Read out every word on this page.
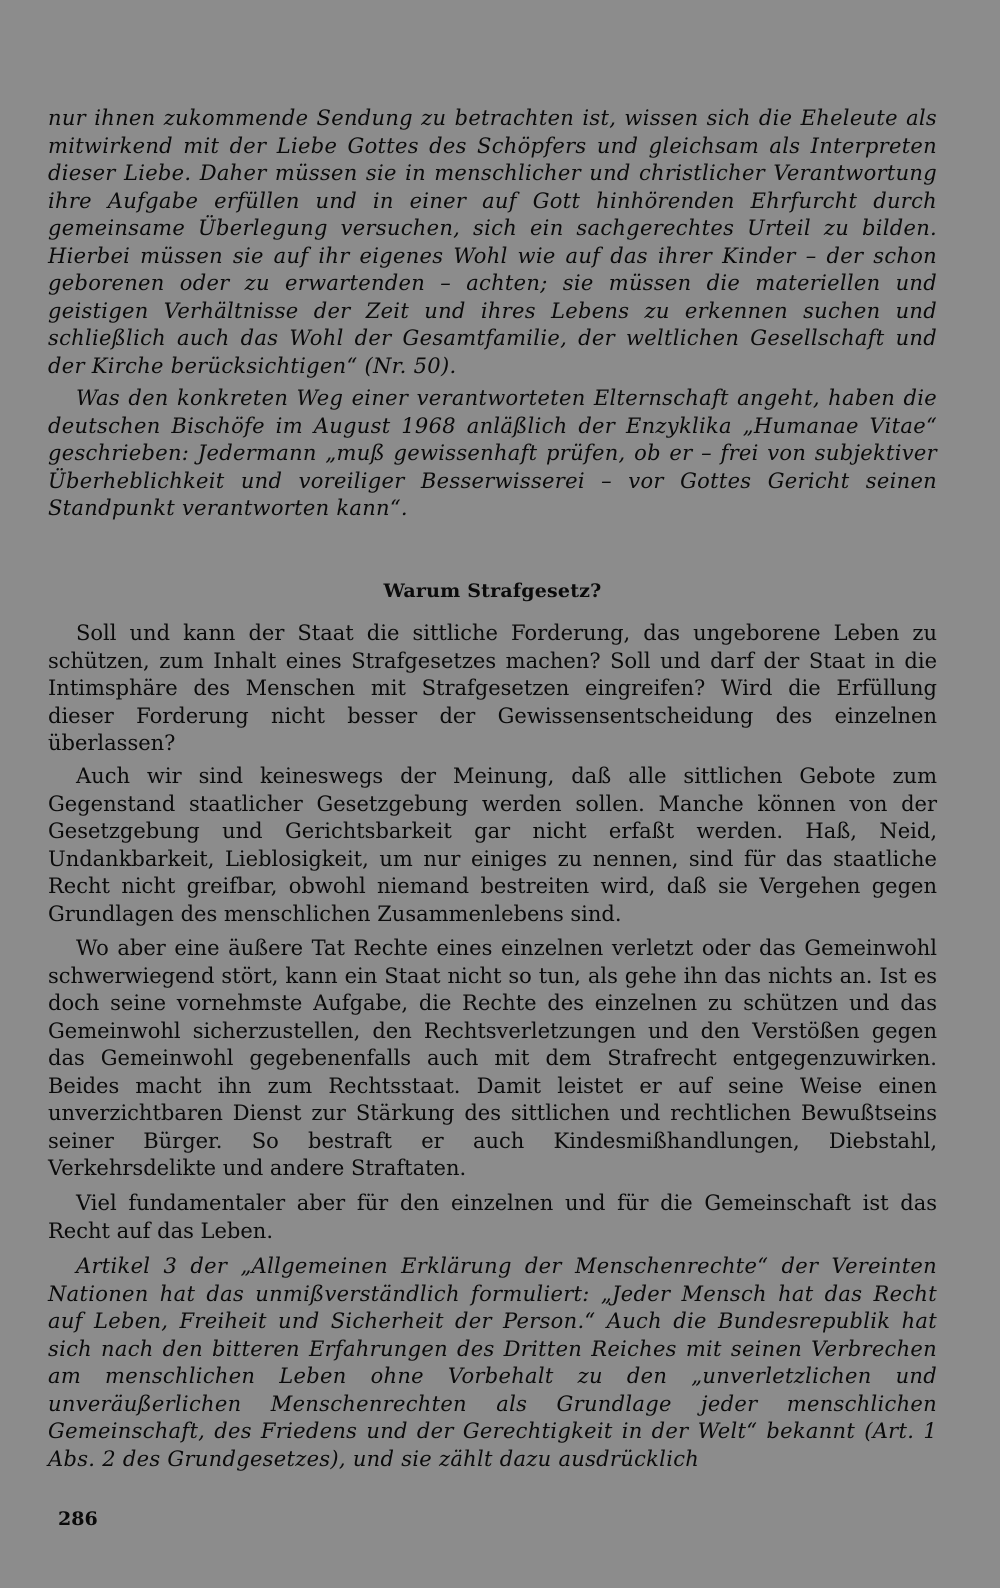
nur ihnen zukommende Sendung zu betrachten ist, wissen sich die Eheleute als mitwirkend mit der Liebe Gottes des Schöpfers und gleichsam als Interpreten dieser Liebe. Daher müssen sie in menschlicher und christlicher Verantwortung ihre Aufgabe erfüllen und in einer auf Gott hinhörenden Ehrfurcht durch gemeinsame Überlegung versuchen, sich ein sachgerechtes Urteil zu bilden. Hierbei müssen sie auf ihr eigenes Wohl wie auf das ihrer Kinder – der schon geborenen oder zu erwartenden – achten; sie müssen die materiellen und geistigen Verhältnisse der Zeit und ihres Lebens zu erkennen suchen und schließlich auch das Wohl der Gesamtfamilie, der weltlichen Gesellschaft und der Kirche berücksichtigen“ (Nr. 50).

Was den konkreten Weg einer verantworteten Elternschaft angeht, haben die deutschen Bischöfe im August 1968 anläßlich der Enzyklika „Humanae Vitae“ geschrieben: Jedermann „muß gewissenhaft prüfen, ob er – frei von subjektiver Überheblichkeit und voreiliger Besserwisserei – vor Gottes Gericht seinen Standpunkt verantworten kann“.

Warum Strafgesetz?

Soll und kann der Staat die sittliche Forderung, das ungeborene Leben zu schützen, zum Inhalt eines Strafgesetzes machen? Soll und darf der Staat in die Intimsphäre des Menschen mit Strafgesetzen eingreifen? Wird die Erfüllung dieser Forderung nicht besser der Gewissensentscheidung des einzelnen überlassen?

Auch wir sind keineswegs der Meinung, daß alle sittlichen Gebote zum Gegenstand staatlicher Gesetzgebung werden sollen. Manche können von der Gesetzgebung und Gerichtsbarkeit gar nicht erfaßt werden. Haß, Neid, Undankbarkeit, Lieblosigkeit, um nur einiges zu nennen, sind für das staatliche Recht nicht greifbar, obwohl niemand bestreiten wird, daß sie Vergehen gegen Grundlagen des menschlichen Zusammenlebens sind.

Wo aber eine äußere Tat Rechte eines einzelnen verletzt oder das Gemeinwohl schwerwiegend stört, kann ein Staat nicht so tun, als gehe ihn das nichts an. Ist es doch seine vornehmste Aufgabe, die Rechte des einzelnen zu schützen und das Gemeinwohl sicherzustellen, den Rechtsverletzungen und den Verstößen gegen das Gemeinwohl gegebenenfalls auch mit dem Strafrecht entgegenzuwirken. Beides macht ihn zum Rechtsstaat. Damit leistet er auf seine Weise einen unverzichtbaren Dienst zur Stärkung des sittlichen und rechtlichen Bewußtseins seiner Bürger. So bestraft er auch Kindesmißhandlungen, Diebstahl, Verkehrsdelikte und andere Straftaten.

Viel fundamentaler aber für den einzelnen und für die Gemeinschaft ist das Recht auf das Leben.

Artikel 3 der „Allgemeinen Erklärung der Menschenrechte“ der Vereinten Nationen hat das unmißverständlich formuliert: „Jeder Mensch hat das Recht auf Leben, Freiheit und Sicherheit der Person.“ Auch die Bundesrepublik hat sich nach den bitteren Erfahrungen des Dritten Reiches mit seinen Verbrechen am menschlichen Leben ohne Vorbehalt zu den „unverletzlichen und unveräußerlichen Menschenrechten als Grundlage jeder menschlichen Gemeinschaft, des Friedens und der Gerechtigkeit in der Welt“ bekannt (Art. 1 Abs. 2 des Grundgesetzes), und sie zählt dazu ausdrücklich

286
